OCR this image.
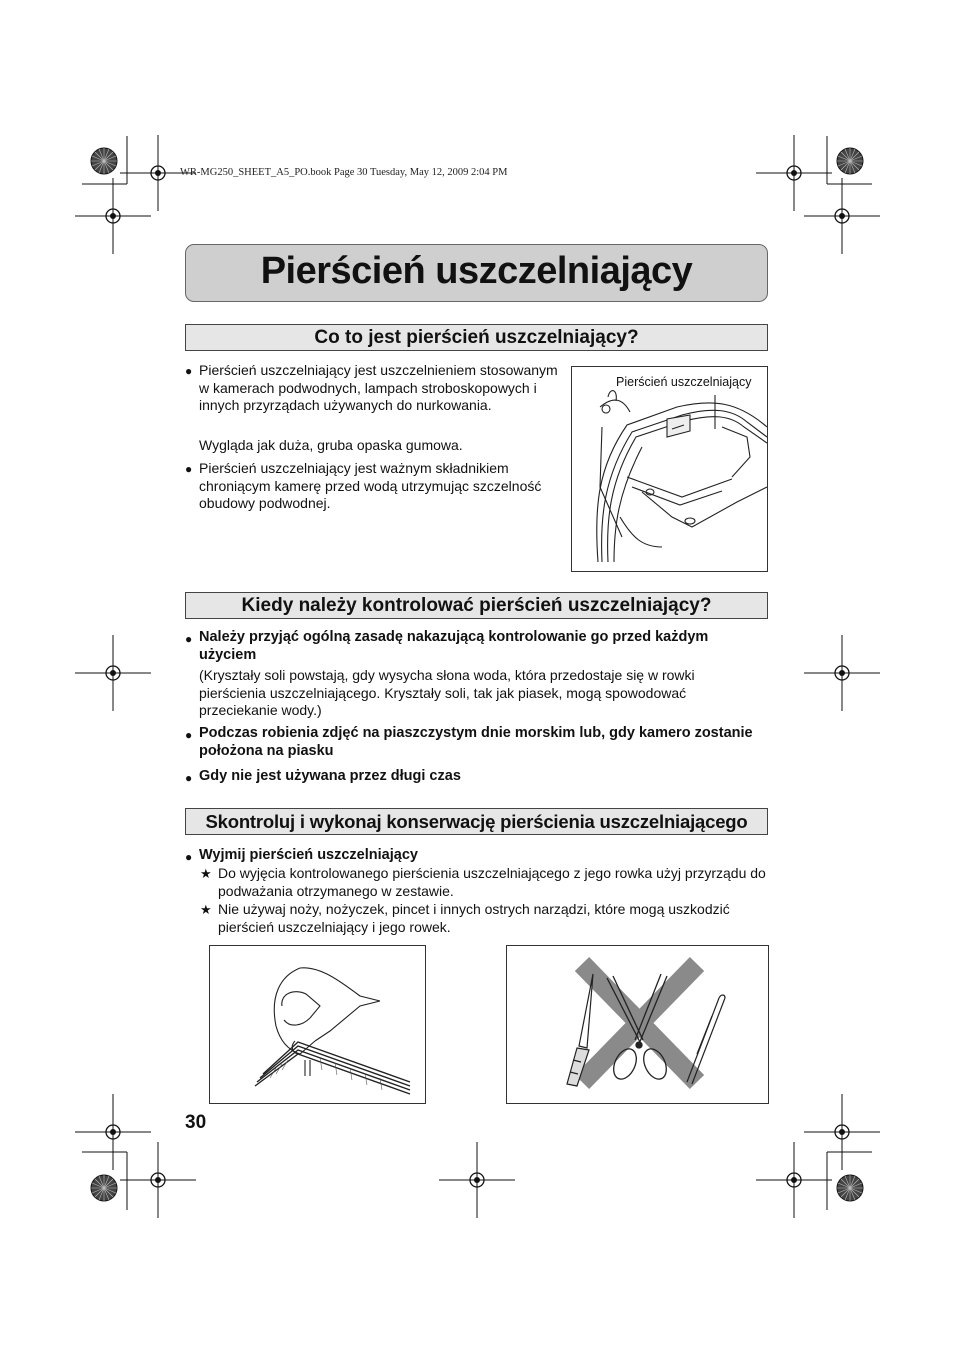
WR-MG250_SHEET_A5_PO.book Page 30 Tuesday, May 12, 2009 2:04 PM
Pierścień uszczelniający
Co to jest pierścień uszczelniający?
● Pierścień uszczelniający jest uszczelnieniem stosowanym w kamerach podwodnych, lampach stroboskopowych i innych przyrządach używanych do nurkowania.
Wygląda jak duża, gruba opaska gumowa.
● Pierścień uszczelniający jest ważnym składnikiem chroniącym kamerę przed wodą utrzymując szczelność obudowy podwodnej.
Pierścień uszczelniający
Kiedy należy kontrolować pierścień uszczelniający?
● Należy przyjąć ogólną zasadę nakazującą kontrolowanie go przed każdym użyciem
(Kryształy soli powstają, gdy wysycha słona woda, która przedostaje się w rowki pierścienia uszczelniającego. Kryształy soli, tak jak piasek, mogą spowodować przeciekanie wody.)
● Podczas robienia zdjęć na piaszczystym dnie morskim lub, gdy kamero zostanie położona na piasku
● Gdy nie jest używana przez długi czas
Skontroluj i wykonaj konserwację pierścienia uszczelniającego
● Wyjmij pierścień uszczelniający
★ Do wyjęcia kontrolowanego pierścienia uszczelniającego z jego rowka użyj przyrządu do podważania otrzymanego w zestawie.
★ Nie używaj noży, nożyczek, pincet i innych ostrych narządzi, które mogą uszkodzić pierścień uszczelniający i jego rowek.
30
